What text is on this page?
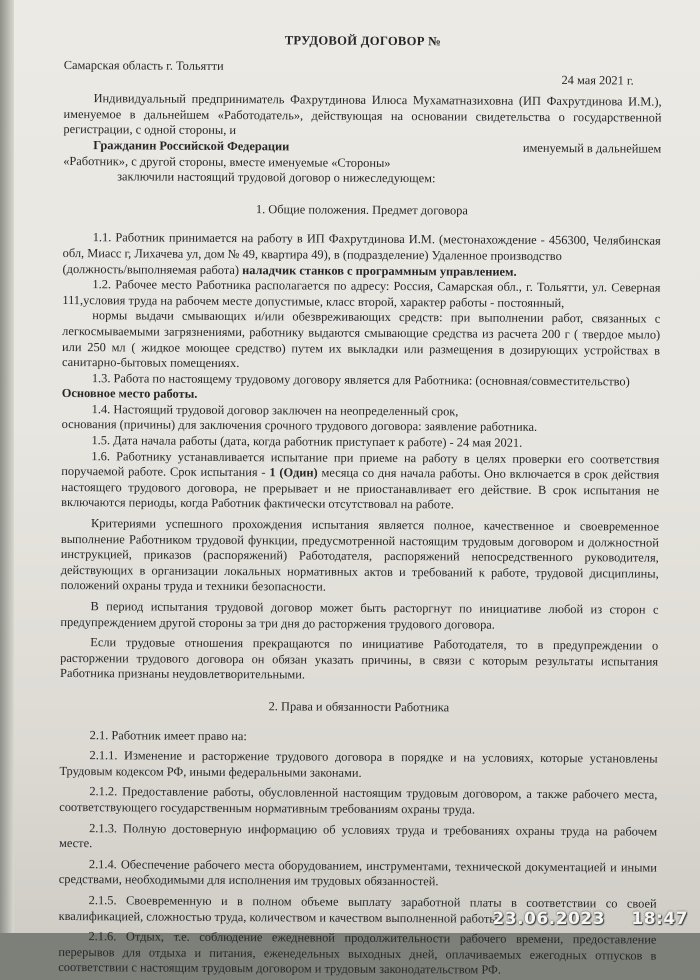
ТРУДОВОЙ ДОГОВОР №
Самарская область г. Тольятти
24 мая 2021 г.

Индивидуальный предприниматель Фахрутдинова Илюса Мухаматназиховна (ИП Фахрутдинова И.М.), именуемое в дальнейшем «Работодатель», действующая на основании свидетельства о государственной регистрации, с одной стороны, и

Гражданин Российской Федерации	именуемый в дальнейшем

«Работник», с другой стороны, вместе именуемые «Стороны»

заключили настоящий трудовой договор о нижеследующем:

1. Общие положения. Предмет договора

1.1. Работник принимается на работу в ИП Фахрутдинова И.М. (местонахождение - 456300, Челябинская обл, Миасс г, Лихачева ул, дом № 49, квартира 49), в (подразделение) Удаленное производство

(должность/выполняемая работа) наладчик станков с программным управлением.

1.2. Рабочее место Работника располагается по адресу: Россия, Самарская обл., г. Тольятти, ул. Северная 111,условия труда на рабочем месте допустимые, класс второй, характер работы - постоянный,

нормы выдачи смывающих и/или обезвреживающих средств: при выполнении работ, связанных с легкосмываемыми загрязнениями, работнику выдаются смывающие средства из расчета 200 г ( твердое мыло) или 250 мл ( жидкое моющее средство) путем их выкладки или размещения в дозирующих устройствах в санитарно-бытовых помещениях.

1.3. Работа по настоящему трудовому договору является для Работника: (основная/совместительство)

Основное место работы.

1.4. Настоящий трудовой договор заключен на неопределенный срок,

основания (причины) для заключения срочного трудового договора: заявление работника.

1.5. Дата начала работы (дата, когда работник приступает к работе) - 24 мая 2021.

1.6. Работнику устанавливается испытание при приеме на работу в целях проверки его соответствия поручаемой работе. Срок испытания - 1 (Один) месяца со дня начала работы. Оно включается в срок действия настоящего трудового договора, не прерывает и не приостанавливает его действие. В срок испытания не включаются периоды, когда Работник фактически отсутствовал на работе.

Критериями успешного прохождения испытания является полное, качественное и своевременное выполнение Работником трудовой функции, предусмотренной настоящим трудовым договором и должностной инструкцией, приказов (распоряжений) Работодателя, распоряжений непосредственного руководителя, действующих в организации локальных нормативных актов и требований к работе, трудовой дисциплины, положений охраны труда и техники безопасности.

В период испытания трудовой договор может быть расторгнут по инициативе любой из сторон с предупреждением другой стороны за три дня до расторжения трудового договора.

Если трудовые отношения прекращаются по инициативе Работодателя, то в предупреждении о расторжении трудового договора он обязан указать причины, в связи с которым результаты испытания Работника признаны неудовлетворительными.

2. Права и обязанности Работника

2.1. Работник имеет право на:

2.1.1. Изменение и расторжение трудового договора в порядке и на условиях, которые установлены Трудовым кодексом РФ, иными федеральными законами.

2.1.2. Предоставление работы, обусловленной настоящим трудовым договором, а также рабочего места, соответствующего государственным нормативным требованиям охраны труда.

2.1.3. Полную достоверную информацию об условиях труда и требованиях охраны труда на рабочем месте.

2.1.4. Обеспечение рабочего места оборудованием, инструментами, технической документацией и иными средствами, необходимыми для исполнения им трудовых обязанностей.

2.1.5. Своевременную и в полном объеме выплату заработной платы в соответствии со своей квалификацией, сложностью труда, количеством и качеством выполненной работы.

2.1.6. Отдых, т.е. соблюдение ежедневной продолжительности рабочего времени, предоставление перерывов для отдыха и питания, еженедельных выходных дней, оплачиваемых ежегодных отпусков в соответствии с настоящим трудовым договором и трудовым законодательством РФ.

23.06.2023 18:47
